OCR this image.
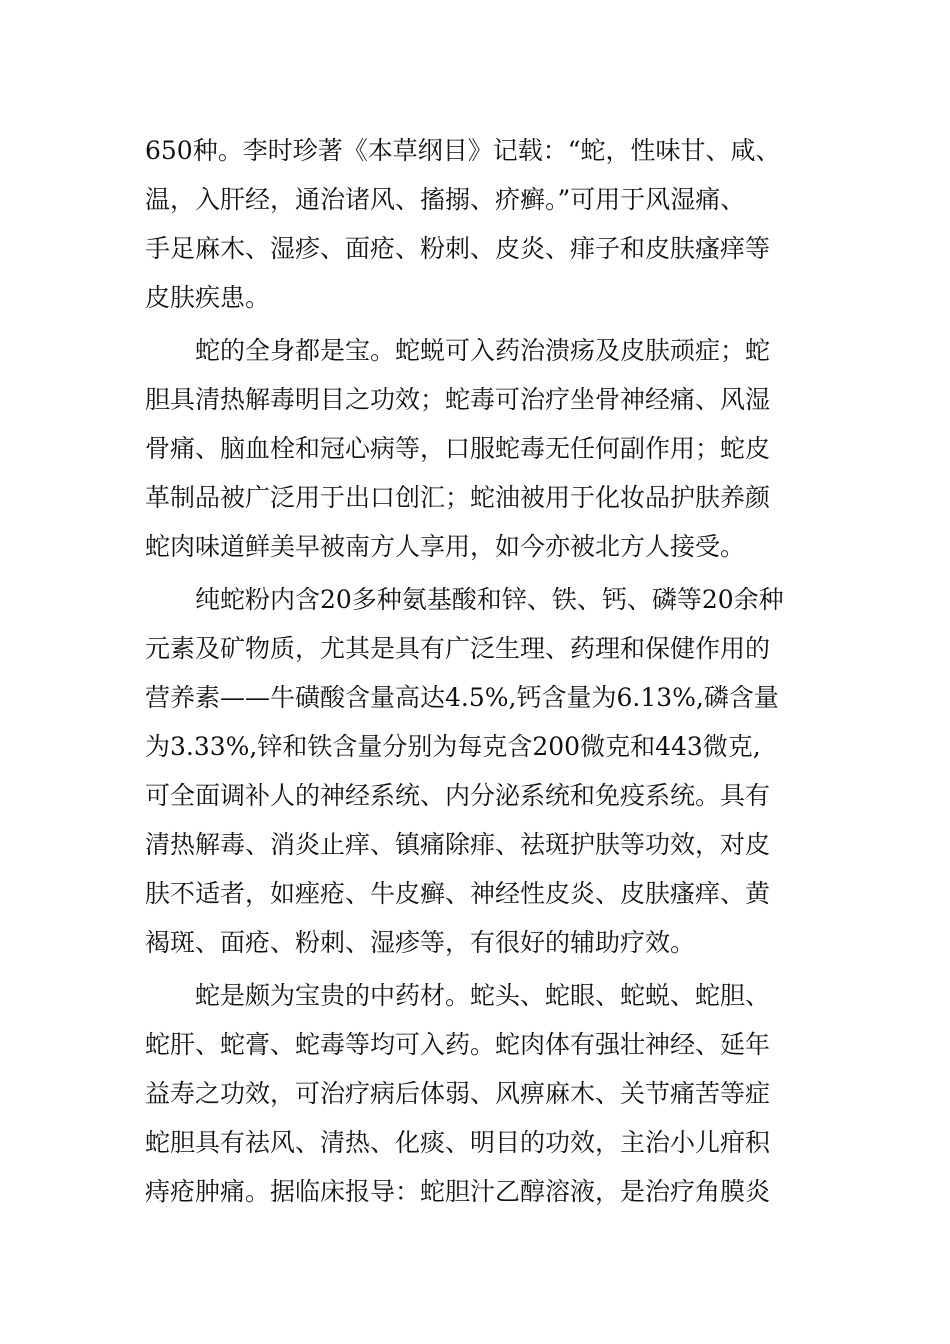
650种。李时珍著《本草纲目》记载：“蛇，性味甘、咸、
温，入肝经，通治诸风、搐搦、疥癣。”可用于风湿痛、
手足麻木、湿疹、面疮、粉刺、皮炎、痱子和皮肤瘙痒等
皮肤疾患。
蛇的全身都是宝。蛇蜕可入药治溃疡及皮肤顽症；蛇
胆具清热解毒明目之功效；蛇毒可治疗坐骨神经痛、风湿
骨痛、脑血栓和冠心病等，口服蛇毒无任何副作用；蛇皮
革制品被广泛用于出口创汇；蛇油被用于化妆品护肤养颜
蛇肉味道鲜美早被南方人享用，如今亦被北方人接受。
纯蛇粉内含20多种氨基酸和锌、铁、钙、磷等20余种
元素及矿物质，尤其是具有广泛生理、药理和保健作用的
营养素——牛磺酸含量高达4.5%,钙含量为6.13%,磷含量
为3.33%,锌和铁含量分别为每克含200微克和443微克,
可全面调补人的神经系统、内分泌系统和免疫系统。具有
清热解毒、消炎止痒、镇痛除痱、祛斑护肤等功效，对皮
肤不适者，如痤疮、牛皮癣、神经性皮炎、皮肤瘙痒、黄
褐斑、面疮、粉刺、湿疹等，有很好的辅助疗效。
蛇是颇为宝贵的中药材。蛇头、蛇眼、蛇蜕、蛇胆、
蛇肝、蛇膏、蛇毒等均可入药。蛇肉体有强壮神经、延年
益寿之功效，可治疗病后体弱、风痹麻木、关节痛苦等症
蛇胆具有祛风、清热、化痰、明目的功效，主治小儿疳积
痔疮肿痛。据临床报导：蛇胆汁乙醇溶液，是治疗角膜炎
